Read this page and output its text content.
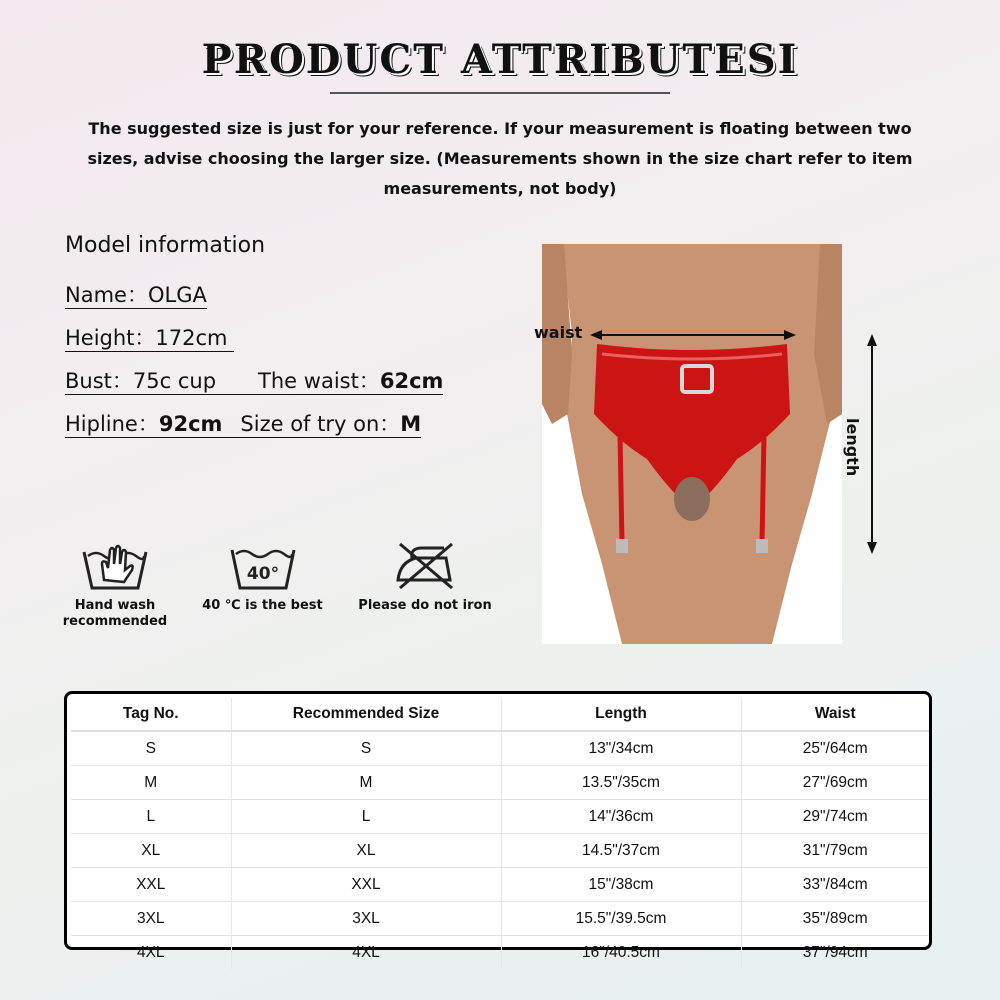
PRODUCT ATTRIBUTESI
The suggested size is just for your reference. If your measurement is floating between two sizes, advise choosing the larger size. (Measurements shown in the size chart refer to item measurements, not body)
Model information
Name：OLGA
Height：172cm
Bust：75c cup The waist：62cm
Hipline：92cm Size of try on：M
Hand wash recommended
40°
40 ℃ is the best	Please do not iron
waist
length
Tag No.	Recommended Size	Length	Waist
S	S	13"/34cm	25"/64cm
M	M	13.5"/35cm	27"/69cm
L	L	14"/36cm	29"/74cm
XL	XL	14.5"/37cm	31"/79cm
XXL	XXL	15"/38cm	33"/84cm
3XL	3XL	15.5"/39.5cm	35"/89cm
4XL	4XL	16"/40.5cm	37"/94cm
